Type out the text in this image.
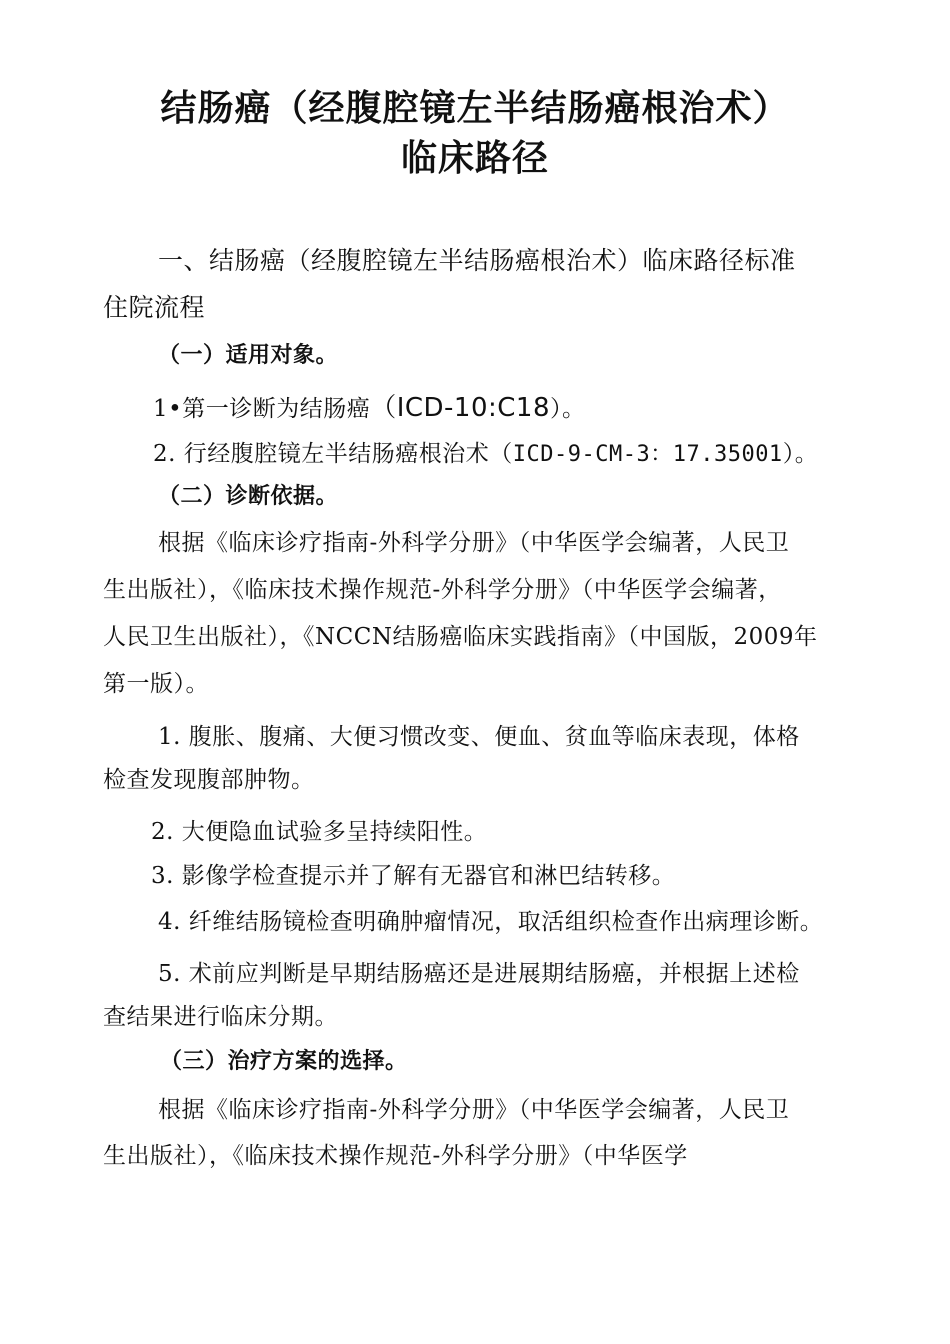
结肠癌（经腹腔镜左半结肠癌根治术）
临床路径
一、结肠癌（经腹腔镜左半结肠癌根治术）临床路径标准
住院流程
（一）适用对象。
1•第一诊断为结肠癌（ICD-10:C18）。
2. 行经腹腔镜左半结肠癌根治术（ICD-9-CM-3：17.35001）。
（二）诊断依据。
根据《临床诊疗指南-外科学分册》（中华医学会编著，人民卫
生出版社），《临床技术操作规范-外科学分册》（中华医学会编著，
人民卫生出版社），《NCCN结肠癌临床实践指南》（中国版，2009年
第一版）。
1. 腹胀、腹痛、大便习惯改变、便血、贫血等临床表现，体格
检查发现腹部肿物。
2. 大便隐血试验多呈持续阳性。
3. 影像学检查提示并了解有无器官和淋巴结转移。
4. 纤维结肠镜检查明确肿瘤情况，取活组织检查作出病理诊断。
5. 术前应判断是早期结肠癌还是进展期结肠癌，并根据上述检
查结果进行临床分期。
（三）治疗方案的选择。
根据《临床诊疗指南-外科学分册》（中华医学会编著，人民卫
生出版社），《临床技术操作规范-外科学分册》（中华医学
